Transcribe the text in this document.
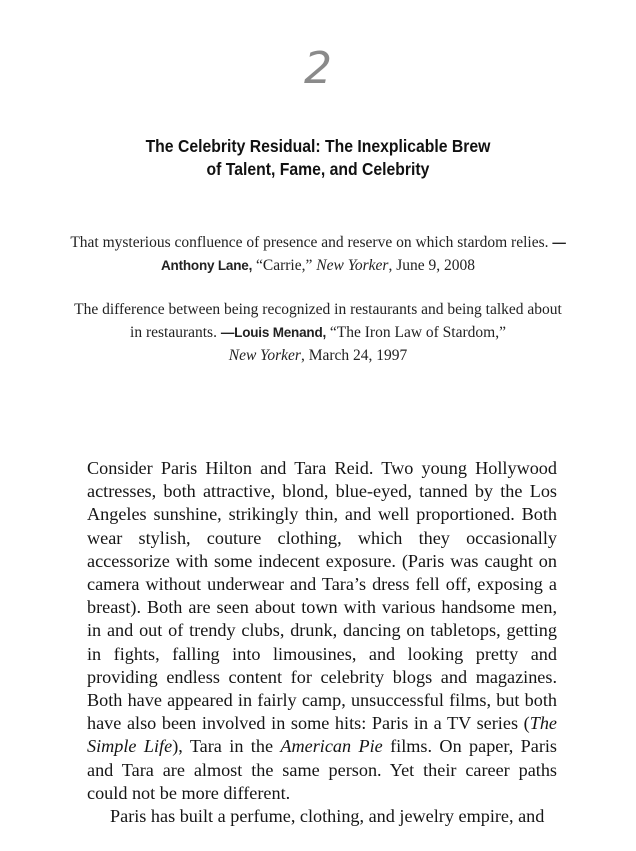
2
The Celebrity Residual: The Inexplicable Brew
of Talent, Fame, and Celebrity
That mysterious confluence of presence and reserve on which stardom relies. —Anthony Lane, “Carrie,” New Yorker, June 9, 2008
The difference between being recognized in restaurants and being talked about in restaurants. —Louis Menand, “The Iron Law of Stardom,”
New Yorker, March 24, 1997

Consider Paris Hilton and Tara Reid. Two young Hollywood actresses, both attractive, blond, blue-eyed, tanned by the Los Angeles sunshine, strikingly thin, and well proportioned. Both wear stylish, couture clothing, which they occasionally accessorize with some indecent exposure. (Paris was caught on camera without underwear and Tara’s dress fell off, exposing a breast). Both are seen about town with various handsome men, in and out of trendy clubs, drunk, dancing on tabletops, getting in fights, falling into limousines, and looking pretty and providing endless content for celebrity blogs and magazines. Both have appeared in fairly camp, unsuccessful films, but both have also been involved in some hits: Paris in a TV series (The Simple Life), Tara in the American Pie films. On paper, Paris and Tara are almost the same person. Yet their career paths could not be more different.

Paris has built a perfume, clothing, and jewelry empire, and
